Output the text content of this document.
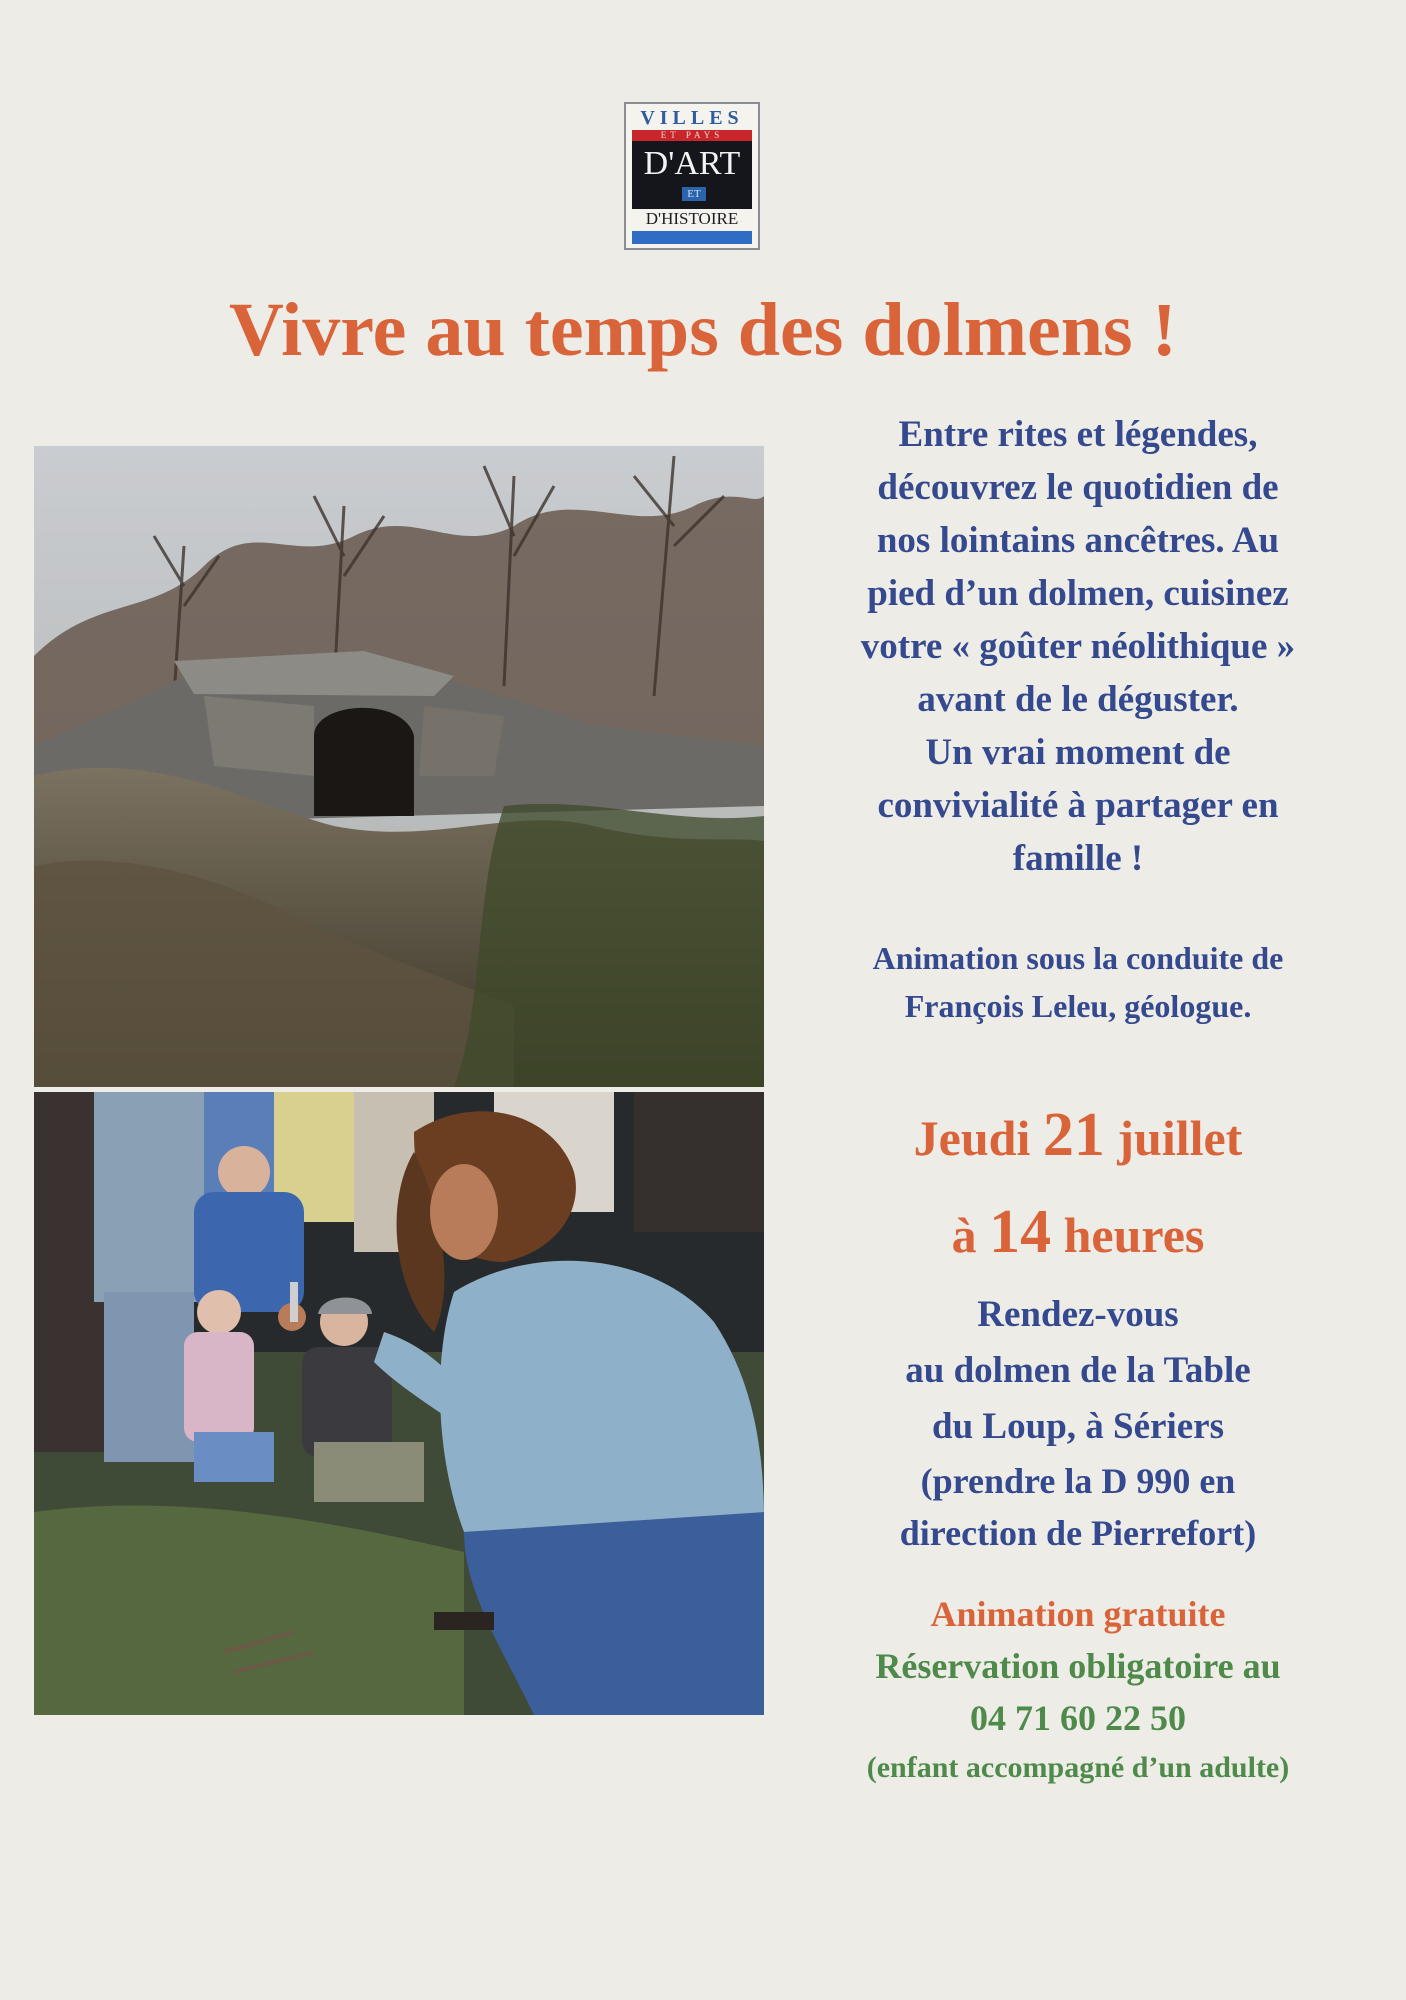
VILLES
ET PAYS
D'ART
ET
D'HISTOIRE
Vivre au temps des dolmens !
Entre rites et légendes,
découvrez le quotidien de
nos lointains ancêtres. Au
pied d’un dolmen, cuisinez
votre « goûter néolithique »
avant de le déguster.
Un vrai moment de
convivialité à partager en
famille !
Animation sous la conduite de
François Leleu, géologue.
Jeudi 21 juillet
à 14 heures
Rendez-vous
au dolmen de la Table
du Loup, à Sériers
(prendre la D 990 en
direction de Pierrefort)
Animation gratuite
Réservation obligatoire au
04 71 60 22 50
(enfant accompagné d’un adulte)
